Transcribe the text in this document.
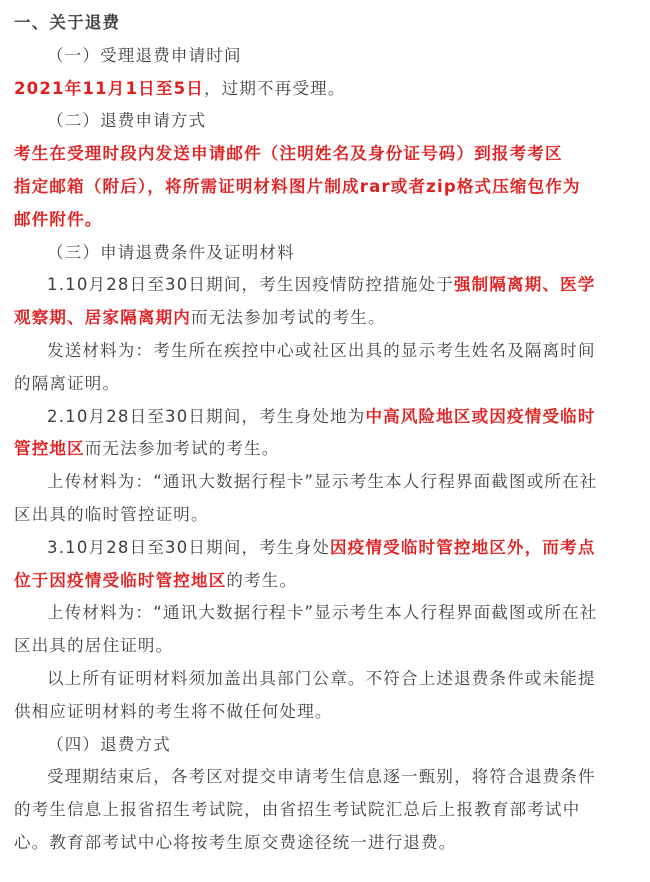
一、关于退费
（一）受理退费申请时间
2021年11月1日至5日，过期不再受理。
（二）退费申请方式
考生在受理时段内发送申请邮件（注明姓名及身份证号码）到报考考区
指定邮箱（附后），将所需证明材料图片制成rar或者zip格式压缩包作为
邮件附件。
（三）申请退费条件及证明材料
1.10月28日至30日期间，考生因疫情防控措施处于强制隔离期、医学
观察期、居家隔离期内而无法参加考试的考生。
发送材料为：考生所在疾控中心或社区出具的显示考生姓名及隔离时间
的隔离证明。
2.10月28日至30日期间，考生身处地为中高风险地区或因疫情受临时
管控地区而无法参加考试的考生。
上传材料为：“通讯大数据行程卡”显示考生本人行程界面截图或所在社
区出具的临时管控证明。
3.10月28日至30日期间，考生身处因疫情受临时管控地区外，而考点
位于因疫情受临时管控地区的考生。
上传材料为：“通讯大数据行程卡”显示考生本人行程界面截图或所在社
区出具的居住证明。
以上所有证明材料须加盖出具部门公章。不符合上述退费条件或未能提
供相应证明材料的考生将不做任何处理。
（四）退费方式
受理期结束后，各考区对提交申请考生信息逐一甄别，将符合退费条件
的考生信息上报省招生考试院，由省招生考试院汇总后上报教育部考试中
心。教育部考试中心将按考生原交费途径统一进行退费。
